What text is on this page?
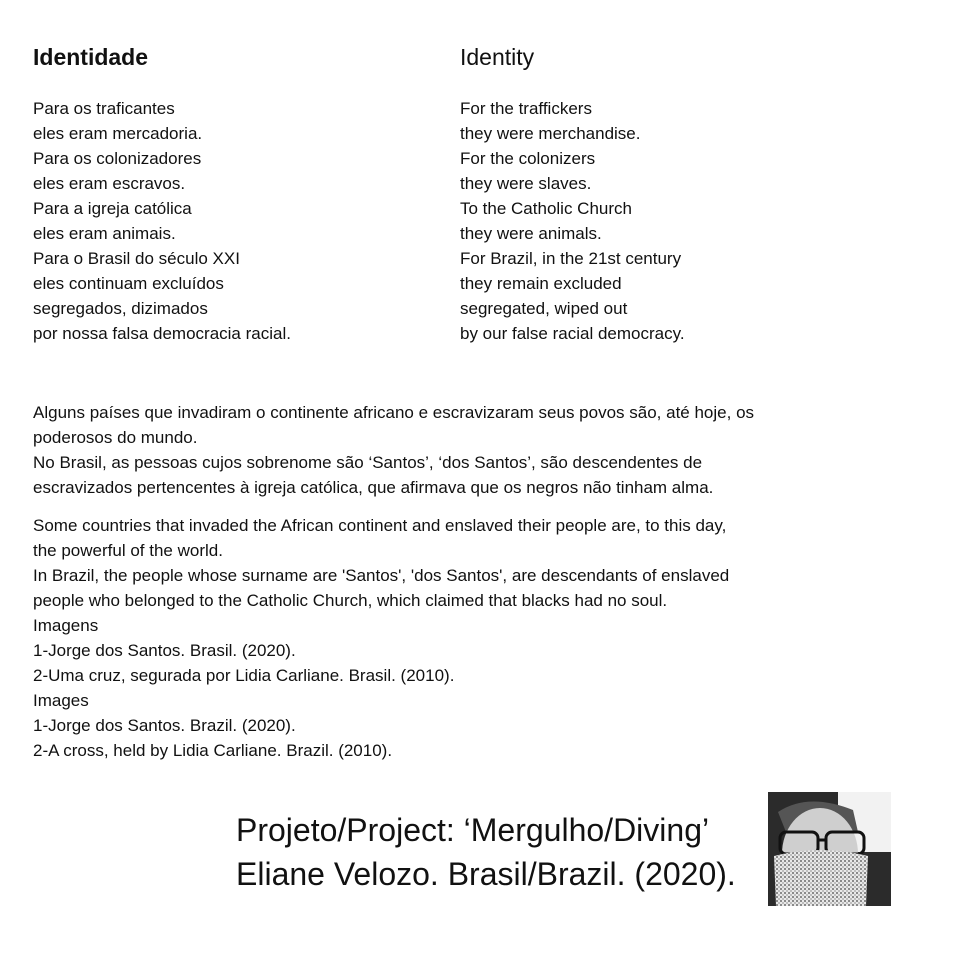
Identidade
Para os traficantes
eles eram mercadoria.
Para os colonizadores
eles eram escravos.
Para a igreja católica
eles eram animais.
Para o Brasil do século XXI
eles continuam excluídos
segregados, dizimados
por nossa falsa democracia racial.
Identity
For the traffickers
they were merchandise.
For the colonizers
they were slaves.
To the Catholic Church
they were animals.
For Brazil, in the 21st century
they remain excluded
segregated, wiped out
by our false racial democracy.
Alguns países que invadiram o continente africano e escravizaram seus povos são, até hoje, os
poderosos do mundo.
No Brasil, as pessoas cujos sobrenome são ‘Santos’, ‘dos Santos’, são descendentes de
escravizados pertencentes à igreja católica, que afirmava que os negros não tinham alma.
Some countries that invaded the African continent and enslaved their people are, to this day,
the powerful of the world.
In Brazil, the people whose surname are 'Santos', 'dos Santos', are descendants of enslaved
people who belonged to the Catholic Church, which claimed that blacks had no soul.
Imagens
1-Jorge dos Santos. Brasil. (2020).
2-Uma cruz, segurada por Lidia Carliane. Brasil. (2010).
Images
1-Jorge dos Santos. Brazil. (2020).
2-A cross, held by Lidia Carliane. Brazil. (2010).
Projeto/Project: ‘Mergulho/Diving’
Eliane Velozo. Brasil/Brazil. (2020).
